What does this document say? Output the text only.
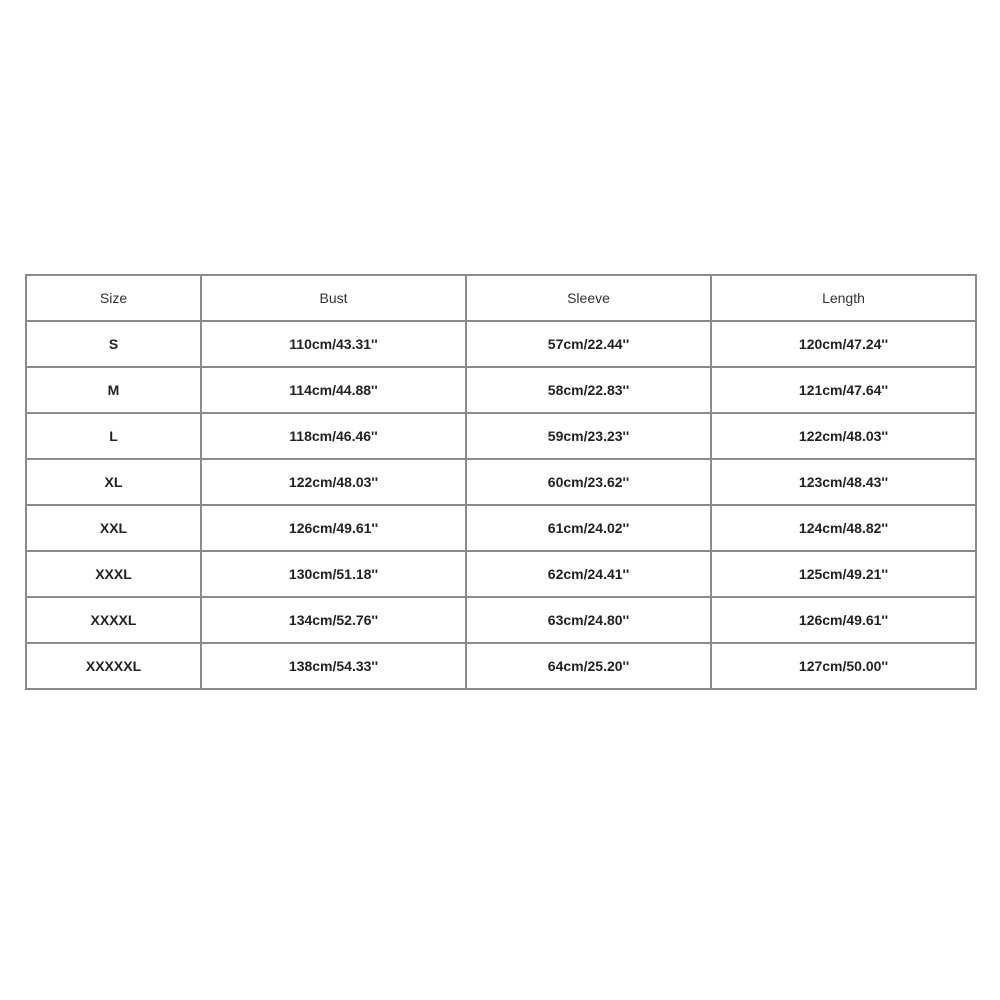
Size	Bust	Sleeve	Length
S	110cm/43.31''	57cm/22.44''	120cm/47.24''
M	114cm/44.88''	58cm/22.83''	121cm/47.64''
L	118cm/46.46''	59cm/23.23''	122cm/48.03''
XL	122cm/48.03''	60cm/23.62''	123cm/48.43''
XXL	126cm/49.61''	61cm/24.02''	124cm/48.82''
XXXL	130cm/51.18''	62cm/24.41''	125cm/49.21''
XXXXL	134cm/52.76''	63cm/24.80''	126cm/49.61''
XXXXXL	138cm/54.33''	64cm/25.20''	127cm/50.00''
